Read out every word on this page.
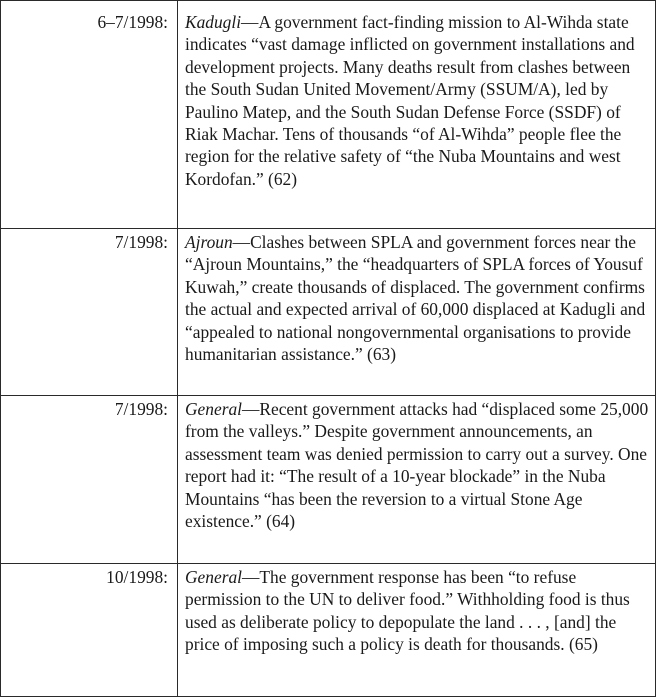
6–7/1998:	Kadugli—A government fact-finding mission to Al-Wihda state indicates “vast damage inflicted on government installations and development projects. Many deaths result from clashes between the South Sudan United Movement/Army (SSUM/A), led by Paulino Matep, and the South Sudan Defense Force (SSDF) of Riak Machar. Tens of thousands “of Al-Wihda” people flee the region for the relative safety of “the Nuba Mountains and west Kordofan.” (62)
7/1998:	Ajroun—Clashes between SPLA and government forces near the “Ajroun Mountains,” the “headquarters of SPLA forces of Yousuf Kuwah,” create thousands of displaced. The government confirms the actual and expected arrival of 60,000 displaced at Kadugli and “appealed to national nongovernmental organisations to provide humanitarian assistance.” (63)
7/1998:	General—Recent government attacks had “displaced some 25,000 from the valleys.” Despite government announcements, an assessment team was denied permission to carry out a survey. One report had it: “The result of a 10-year blockade” in the Nuba Mountains “has been the reversion to a virtual Stone Age existence.” (64)
10/1998:	General—The government response has been “to refuse permission to the UN to deliver food.” Withholding food is thus used as deliberate policy to depopulate the land . . . , [and] the price of imposing such a policy is death for thousands. (65)
